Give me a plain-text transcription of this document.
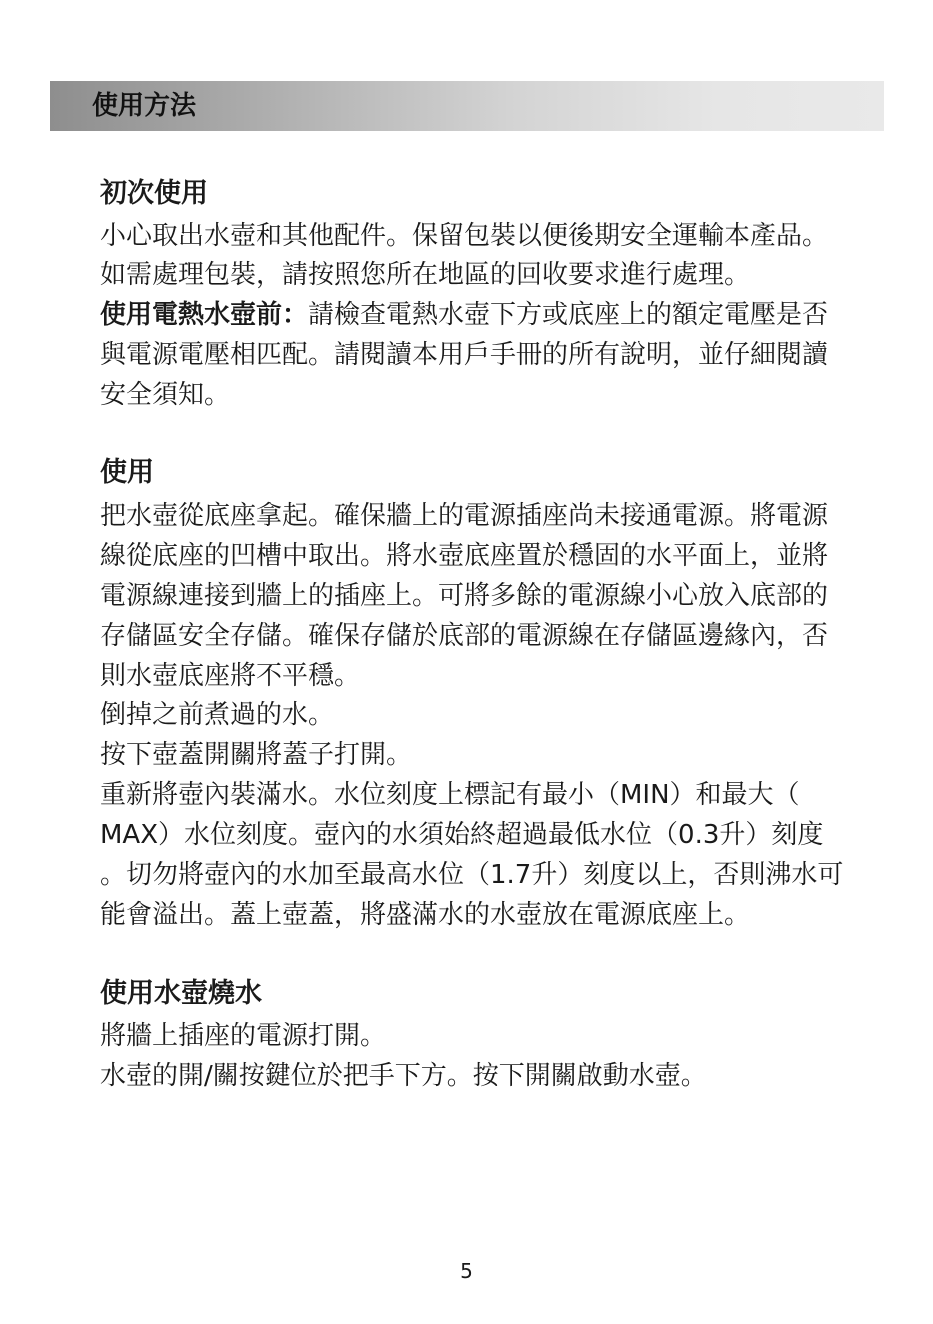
使用方法
初次使用
小心取出水壺和其他配件。保留包裝以便後期安全運輸本產品。
如需處理包裝，請按照您所在地區的回收要求進行處理。
使用電熱水壺前：請檢查電熱水壺下方或底座上的額定電壓是否
與電源電壓相匹配。請閱讀本用戶手冊的所有說明，並仔細閱讀
安全須知。
使用
把水壺從底座拿起。確保牆上的電源插座尚未接通電源。將電源
線從底座的凹槽中取出。將水壺底座置於穩固的水平面上，並將
電源線連接到牆上的插座上。可將多餘的電源線小心放入底部的
存儲區安全存儲。確保存儲於底部的電源線在存儲區邊緣內，否
則水壺底座將不平穩。
倒掉之前煮過的水。
按下壺蓋開關將蓋子打開。
重新將壺內裝滿水。水位刻度上標記有最小（MIN）和最大（
MAX）水位刻度。壺內的水須始終超過最低水位（0.3升）刻度
。切勿將壺內的水加至最高水位（1.7升）刻度以上，否則沸水可
能會溢出。蓋上壺蓋，將盛滿水的水壺放在電源底座上。
使用水壺燒水
將牆上插座的電源打開。
水壺的開/關按鍵位於把手下方。按下開關啟動水壺。
5
